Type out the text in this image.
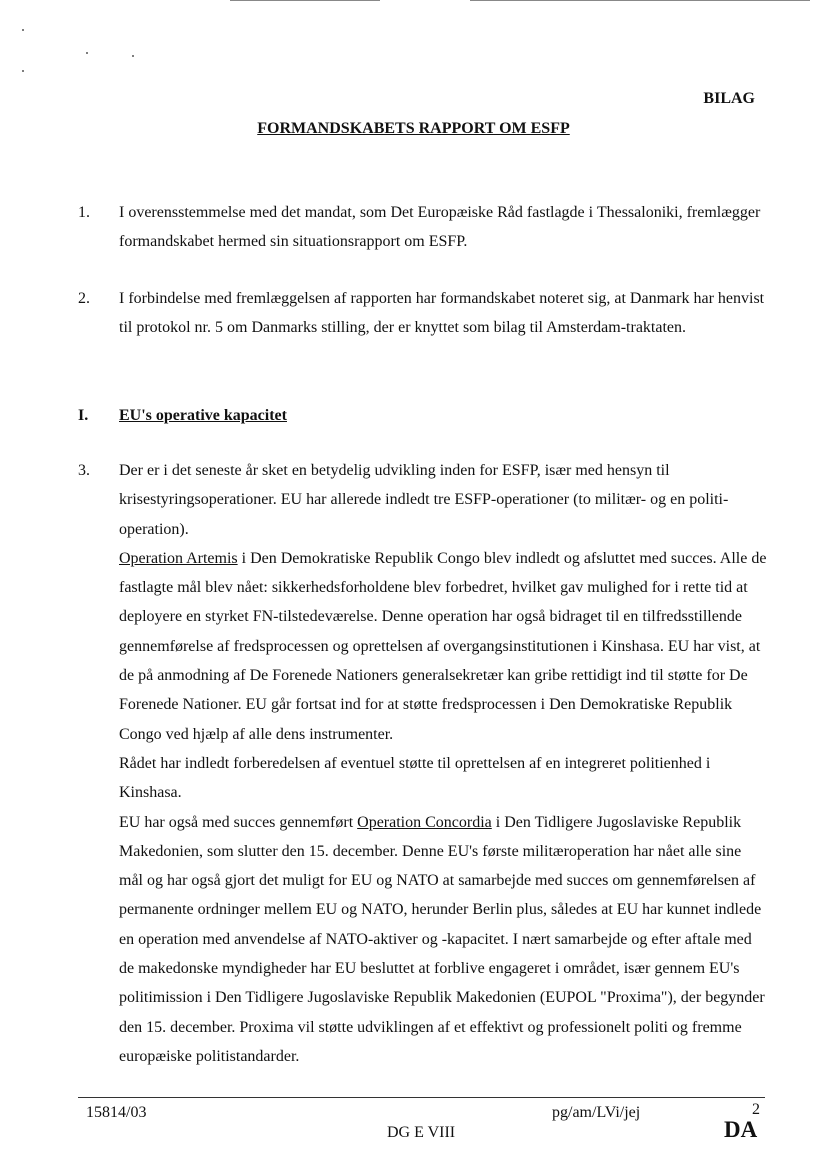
BILAG
FORMANDSKABETS RAPPORT OM ESFP
1. I overensstemmelse med det mandat, som Det Europæiske Råd fastlagde i Thessaloniki, fremlægger formandskabet hermed sin situationsrapport om ESFP.
2. I forbindelse med fremlæggelsen af rapporten har formandskabet noteret sig, at Danmark har henvist til protokol nr. 5 om Danmarks stilling, der er knyttet som bilag til Amsterdam-traktaten.
I. EU's operative kapacitet
3. Der er i det seneste år sket en betydelig udvikling inden for ESFP, især med hensyn til krisestyringsoperationer. EU har allerede indledt tre ESFP-operationer (to militær- og en politi-operation).

Operation Artemis i Den Demokratiske Republik Congo blev indledt og afsluttet med succes. Alle de fastlagte mål blev nået: sikkerhedsforholdene blev forbedret, hvilket gav mulighed for i rette tid at deployere en styrket FN-tilstedeværelse. Denne operation har også bidraget til en tilfredsstillende gennemførelse af fredsprocessen og oprettelsen af overgangsinstitutionen i Kinshasa. EU har vist, at de på anmodning af De Forenede Nationers generalsekretær kan gribe rettidigt ind til støtte for De Forenede Nationer. EU går fortsat ind for at støtte fredsprocessen i Den Demokratiske Republik Congo ved hjælp af alle dens instrumenter.

Rådet har indledt forberedelsen af eventuel støtte til oprettelsen af en integreret politienhed i Kinshasa.

EU har også med succes gennemført Operation Concordia i Den Tidligere Jugoslaviske Republik Makedonien, som slutter den 15. december. Denne EU's første militæroperation har nået alle sine mål og har også gjort det muligt for EU og NATO at samarbejde med succes om gennemførelsen af permanente ordninger mellem EU og NATO, herunder Berlin plus, således at EU har kunnet indlede en operation med anvendelse af NATO-aktiver og -kapacitet. I nært samarbejde og efter aftale med de makedonske myndigheder har EU besluttet at forblive engageret i området, især gennem EU's politimission i Den Tidligere Jugoslaviske Republik Makedonien (EUPOL "Proxima"), der begynder den 15. december. Proxima vil støtte udviklingen af et effektivt og professionelt politi og fremme europæiske politistandarder.

15814/03	pg/am/LVi/jej	2
DG E VIII	DA
